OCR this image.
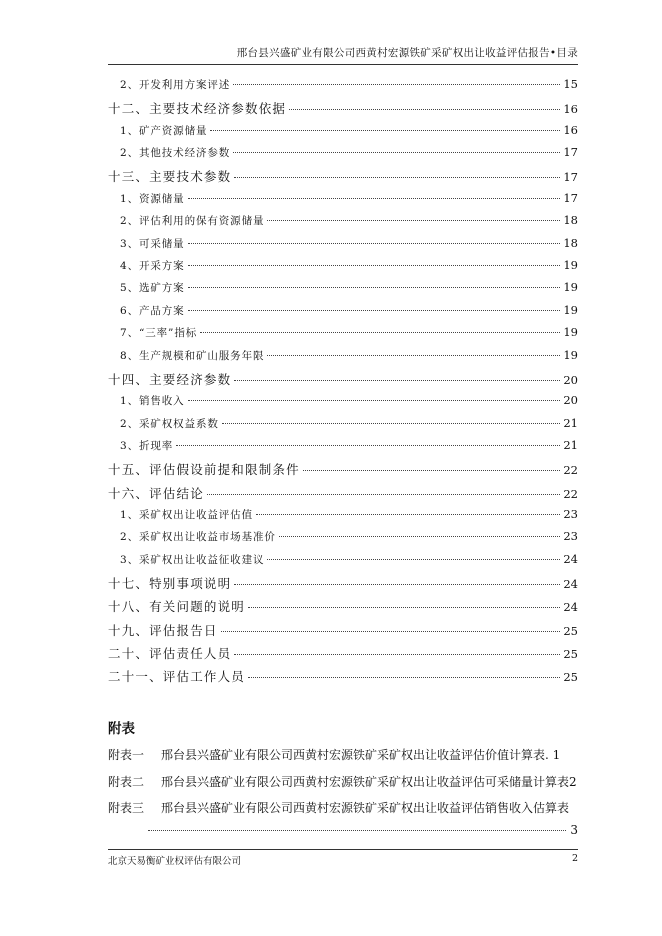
邢台县兴盛矿业有限公司西黄村宏源铁矿采矿权出让收益评估报告•目录
2、开发利用方案评述	15
十二、主要技术经济参数依据	16
1、矿产资源储量	16
2、其他技术经济参数	17
十三、主要技术参数	17
1、资源储量	17
2、评估利用的保有资源储量	18
3、可采储量	18
4、开采方案	19
5、选矿方案	19
6、产品方案	19
7、“三率”指标	19
8、生产规模和矿山服务年限	19
十四、主要经济参数	20
1、销售收入	20
2、采矿权权益系数	21
3、折现率	21
十五、评估假设前提和限制条件	22
十六、评估结论	22
1、采矿权出让收益评估值	23
2、采矿权出让收益市场基准价	23
3、采矿权出让收益征收建议	24
十七、特别事项说明	24
十八、有关问题的说明	24
十九、评估报告日	25
二十、评估责任人员	25
二十一、评估工作人员	25
附表
附表一 邢台县兴盛矿业有限公司西黄村宏源铁矿采矿权出让收益评估价值计算表. 1
附表二 邢台县兴盛矿业有限公司西黄村宏源铁矿采矿权出让收益评估可采储量计算表2
附表三 邢台县兴盛矿业有限公司西黄村宏源铁矿采矿权出让收益评估销售收入估算表
3
北京天易衡矿业权评估有限公司	2
